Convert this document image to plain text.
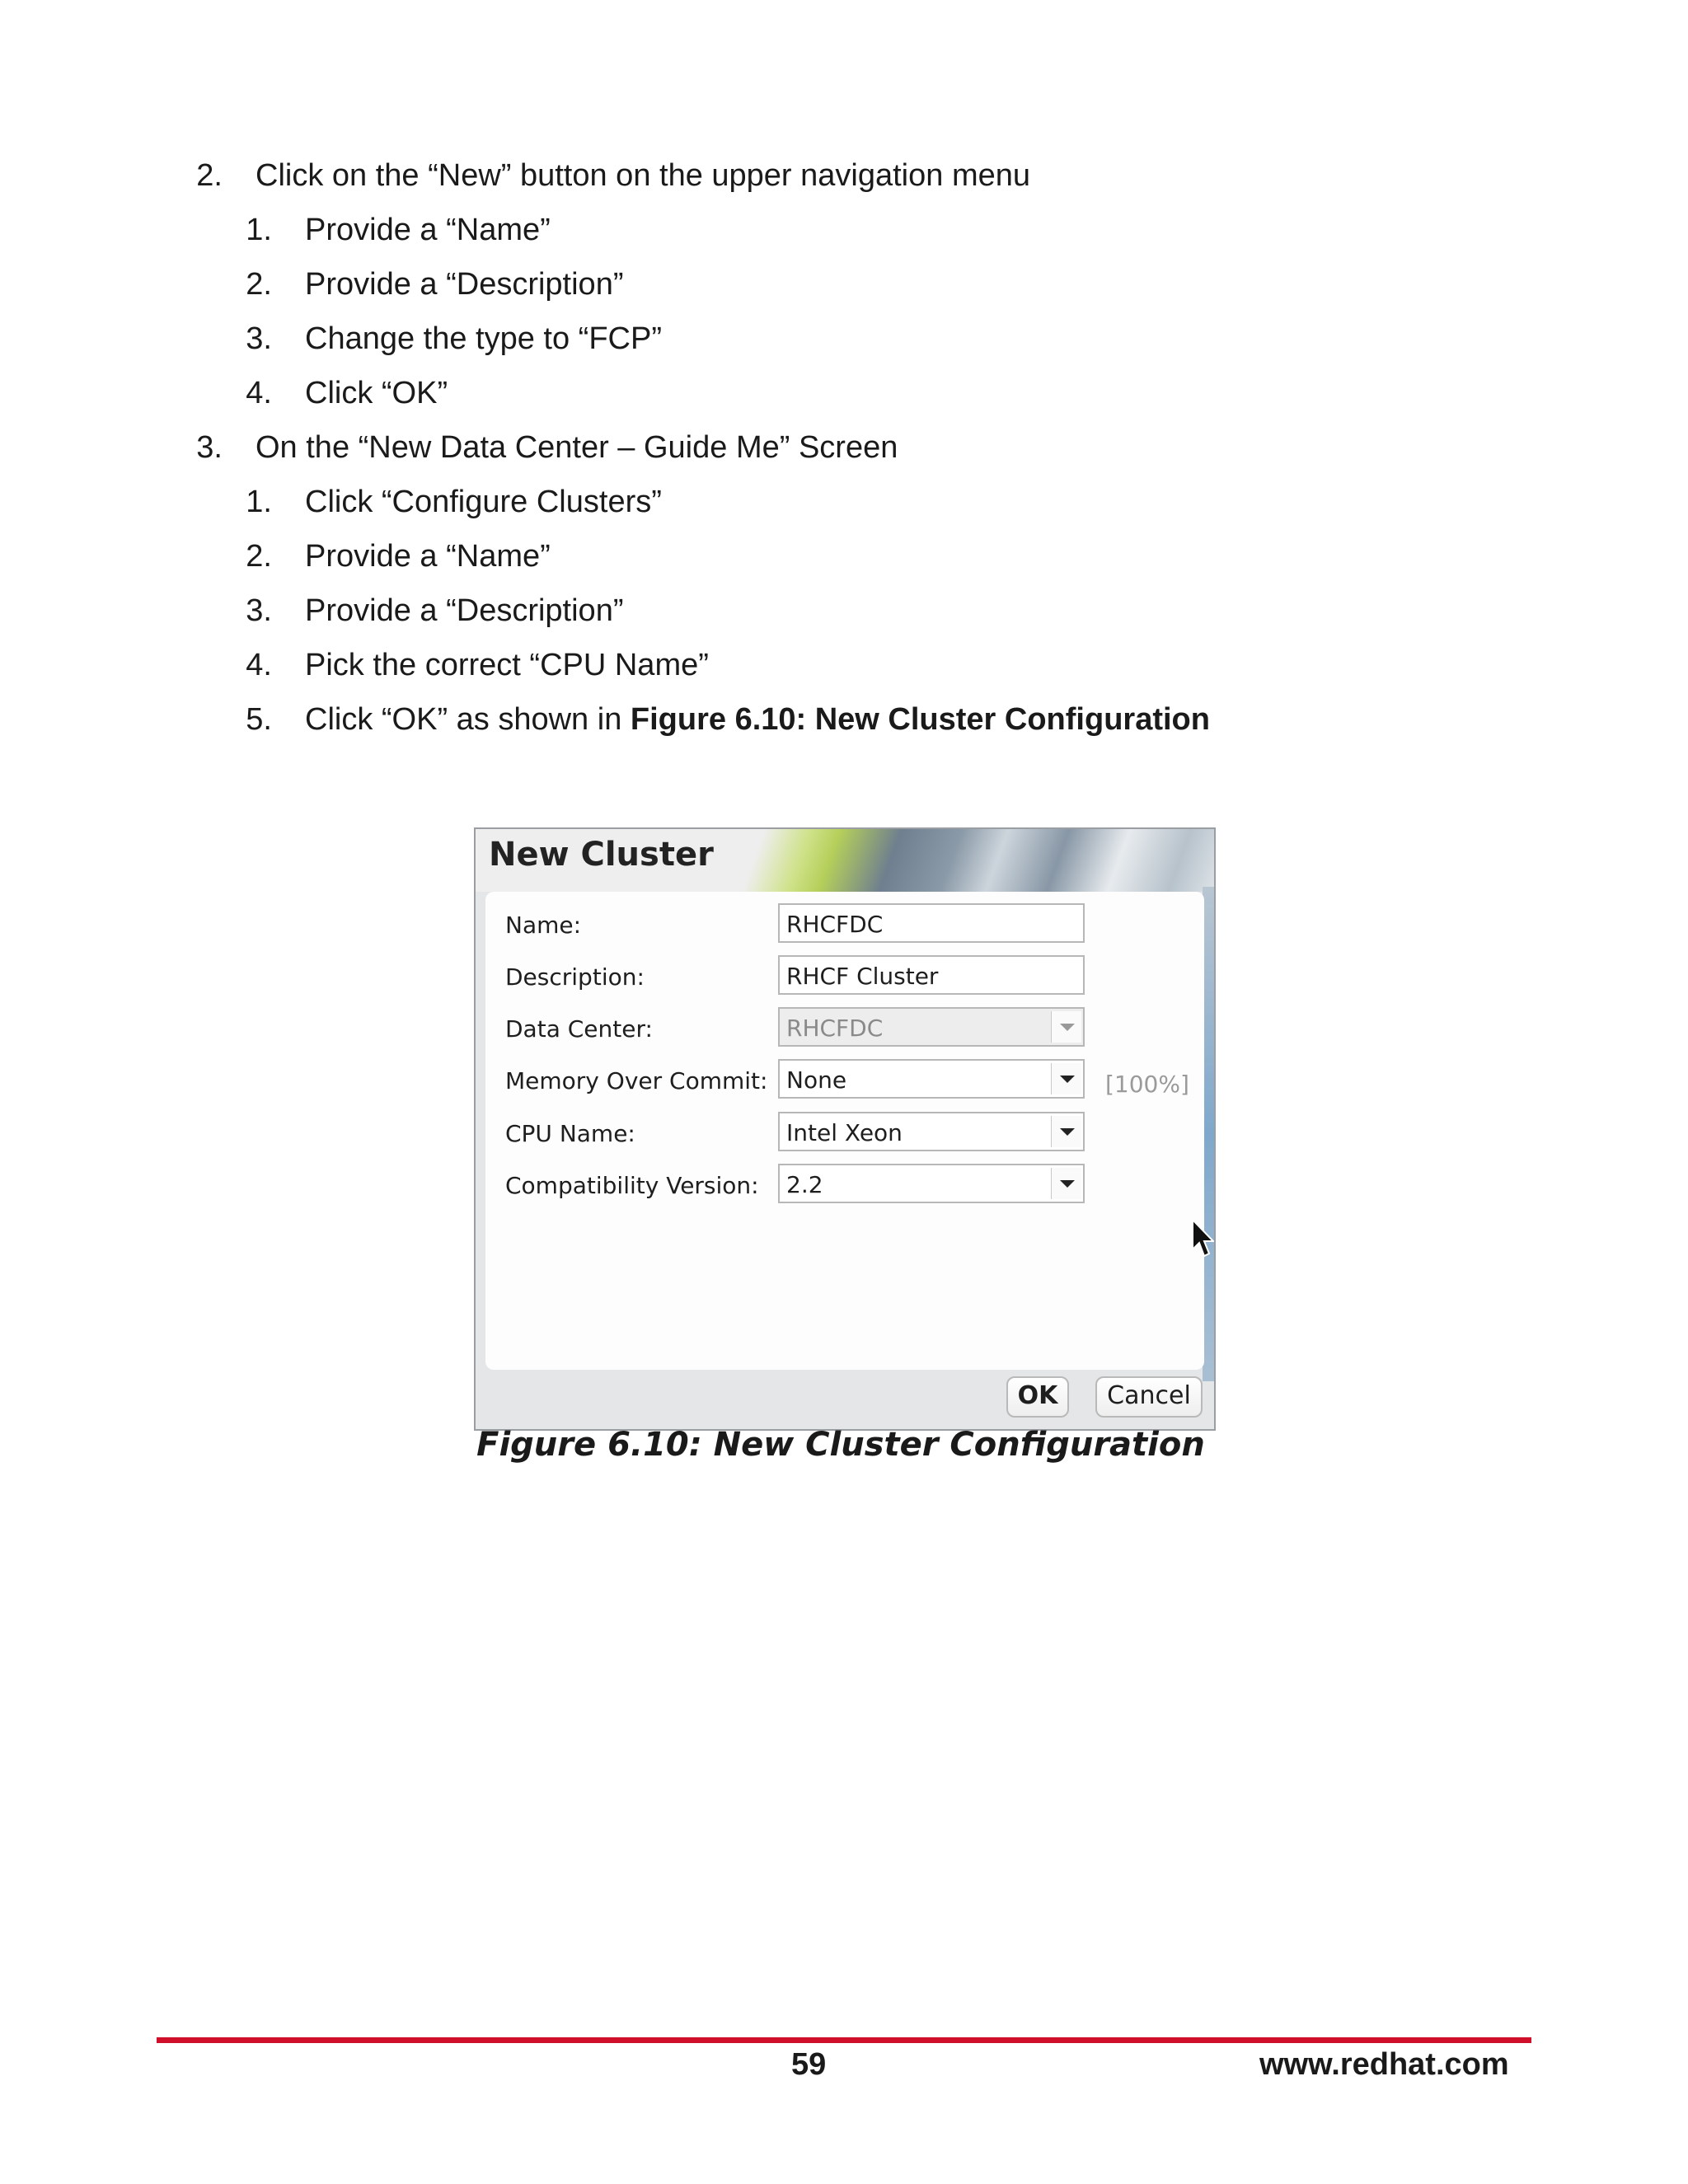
2. Click on the “New” button on the upper navigation menu
1. Provide a “Name”
2. Provide a “Description”
3. Change the type to “FCP”
4. Click “OK”
3. On the “New Data Center – Guide Me” Screen
1. Click “Configure Clusters”
2. Provide a “Name”
3. Provide a “Description”
4. Pick the correct “CPU Name”
5. Click “OK” as shown in Figure 6.10: New Cluster Configuration
New Cluster
Name:	RHCFDC
Description:	RHCF Cluster
Data Center:	RHCFDC
Memory Over Commit: None	[100%]
CPU Name:	Intel Xeon
Compatibility Version: 2.2
OK	Cancel
Figure 6.10: New Cluster Configuration
59	www.redhat.com
